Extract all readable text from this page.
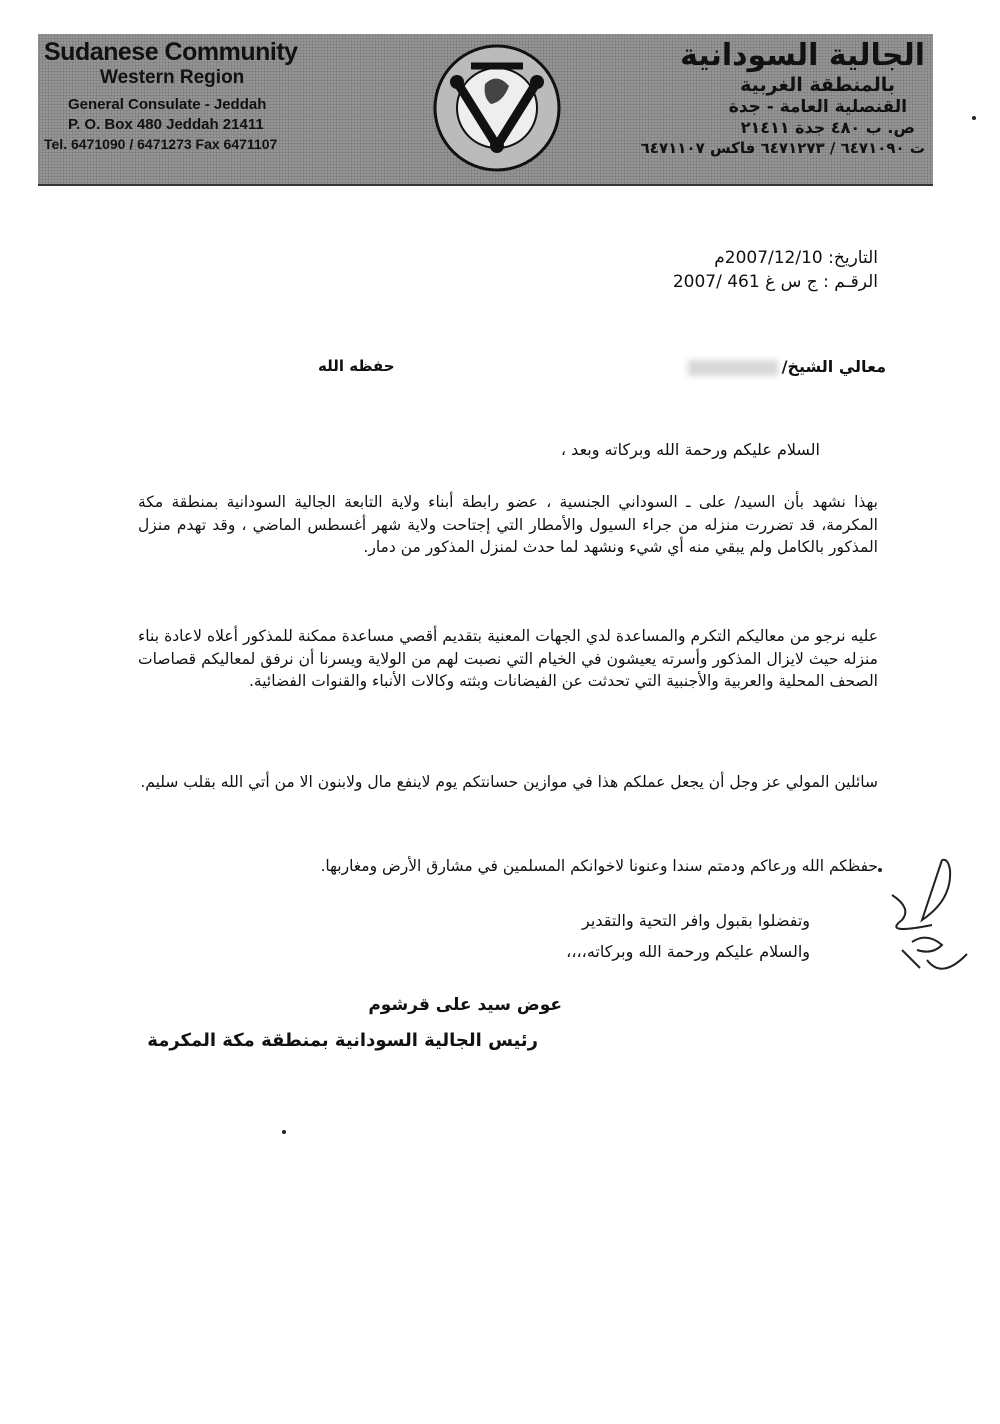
Sudanese Community
Western Region
General Consulate - Jeddah
P. O. Box 480 Jeddah 21411
Tel. 6471090 / 6471273 Fax 6471107
الجالية السودانية
بالمنطقة الغربية
القنصلية العامة - جدة
ص. ب ٤٨٠ جدة ٢١٤١١
ت ٦٤٧١٠٩٠ / ٦٤٧١٢٧٣ فاكس ٦٤٧١١٠٧
التاريخ: 2007/12/10م
الرقـم : ج س غ 461 /2007
معالي الشيخ/
حفظه الله
السلام عليكم ورحمة الله وبركاته وبعد ،
بهذا نشهد بأن السيد/ على ـ السوداني الجنسية ، عضو رابطة أبناء ولاية التابعة الجالية السودانية بمنطقة مكة المكرمة، قد تضررت منزله من جراء السيول والأمطار التي إجتاحت ولاية شهر أغسطس الماضي ، وقد تهدم منزل المذكور بالكامل ولم يبقي منه أي شيء ونشهد لما حدث لمنزل المذكور من دمار.
عليه نرجو من معاليكم التكرم والمساعدة لدي الجهات المعنية بتقديم أقصي مساعدة ممكنة للمذكور أعلاه لاعادة بناء منزله حيث لايزال المذكور وأسرته يعيشون في الخيام التي نصبت لهم من الولاية ويسرنا أن نرفق لمعاليكم قصاصات الصحف المحلية والعربية والأجنبية التي تحدثت عن الفيضانات وبثته وكالات الأنباء والقنوات الفضائية.
سائلين المولي عز وجل أن يجعل عملكم هذا في موازين حسانتكم يوم لاينفع مال ولابنون الا من أتي الله بقلب سليم.
حفظكم الله ورعاكم ودمتم سندا وعنونا لاخوانكم المسلمين في مشارق الأرض ومغاربها.
وتفضلوا بقبول وافر التحية والتقدير
والسلام عليكم ورحمة الله وبركاته،،،،
عوض سيد على قرشوم
رئيس الجالية السودانية بمنطقة مكة المكرمة
